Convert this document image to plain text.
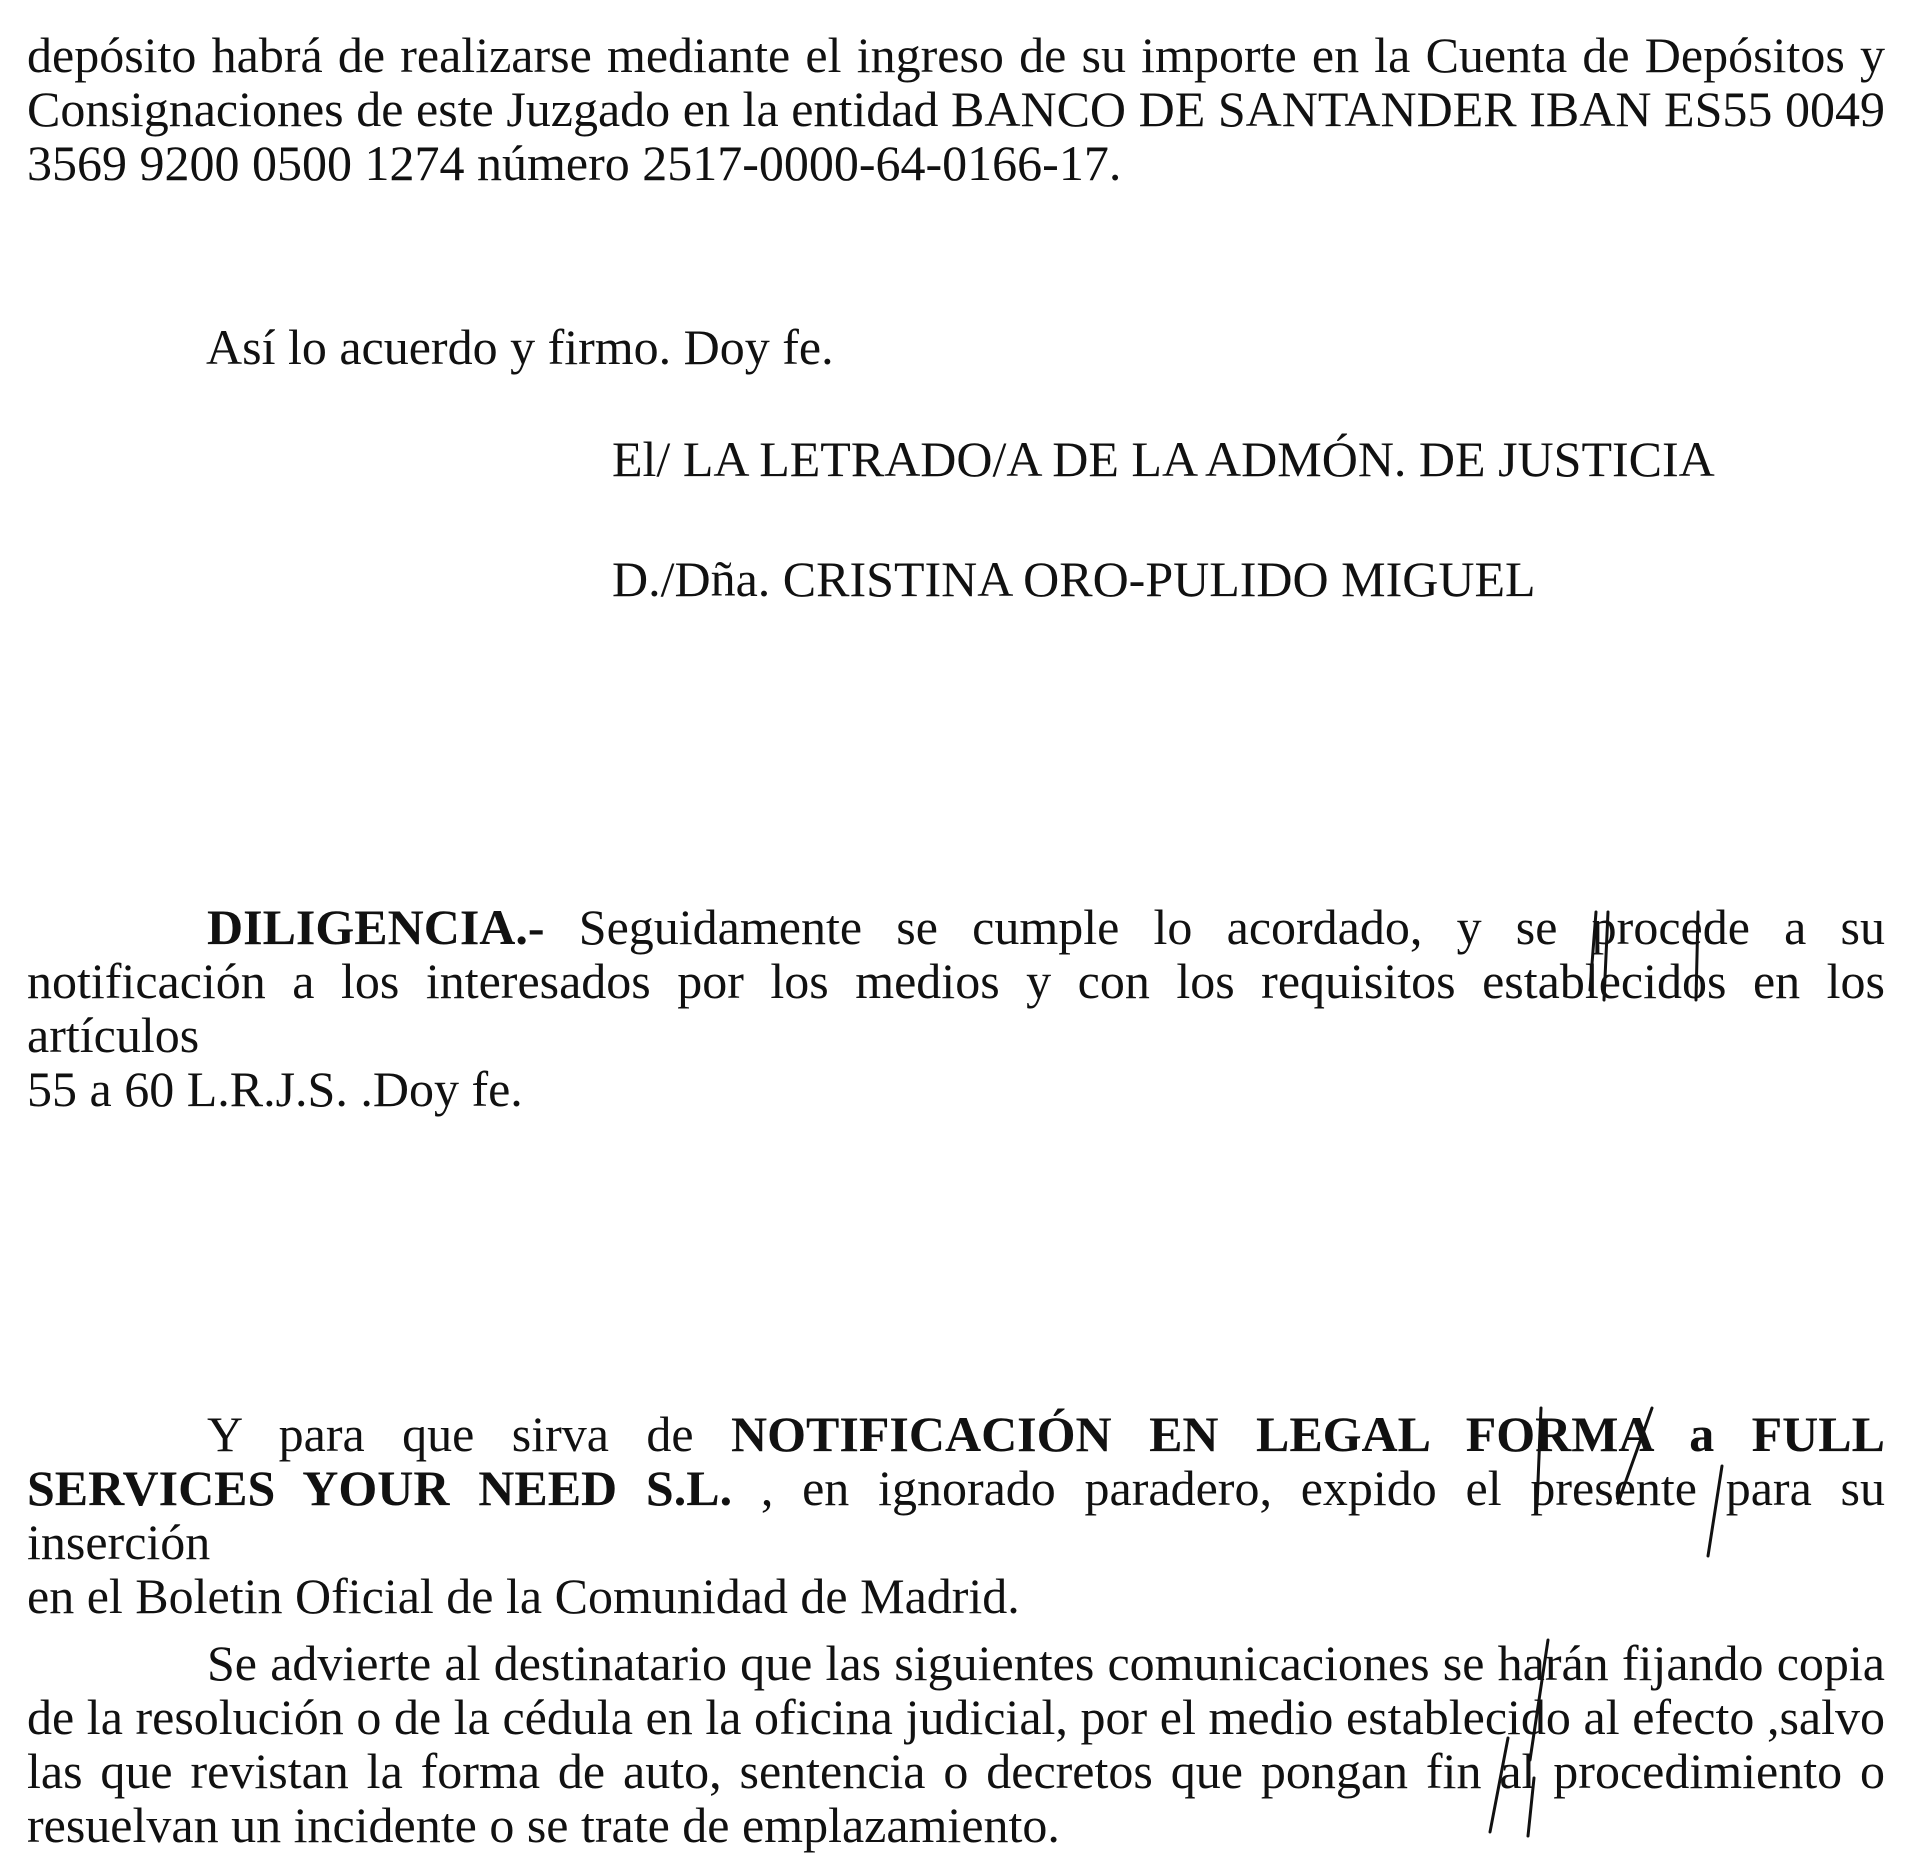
depósito habrá de realizarse mediante el ingreso de su importe en la Cuenta de Depósitos y
Consignaciones de este Juzgado en la entidad BANCO DE SANTANDER IBAN ES55 0049
3569 9200 0500 1274 número 2517-0000-64-0166-17.
Así lo acuerdo y firmo. Doy fe.
El/ LA LETRADO/A DE LA ADMÓN. DE JUSTICIA
D./Dña. CRISTINA ORO-PULIDO MIGUEL
DILIGENCIA.- Seguidamente se cumple lo acordado, y se procede a su
notificación a los interesados por los medios y con los requisitos establecidos en los artículos
55 a 60 L.R.J.S. .Doy fe.
Y para que sirva de NOTIFICACIÓN EN LEGAL FORMA a FULL
SERVICES YOUR NEED S.L. , en ignorado paradero, expido el presente para su inserción
en el Boletin Oficial de la Comunidad de Madrid.
Se advierte al destinatario que las siguientes comunicaciones se harán fijando copia
de la resolución o de la cédula en la oficina judicial, por el medio establecido al efecto ,salvo
las que revistan la forma de auto, sentencia o decretos que pongan fin al procedimiento o
resuelvan un incidente o se trate de emplazamiento.
